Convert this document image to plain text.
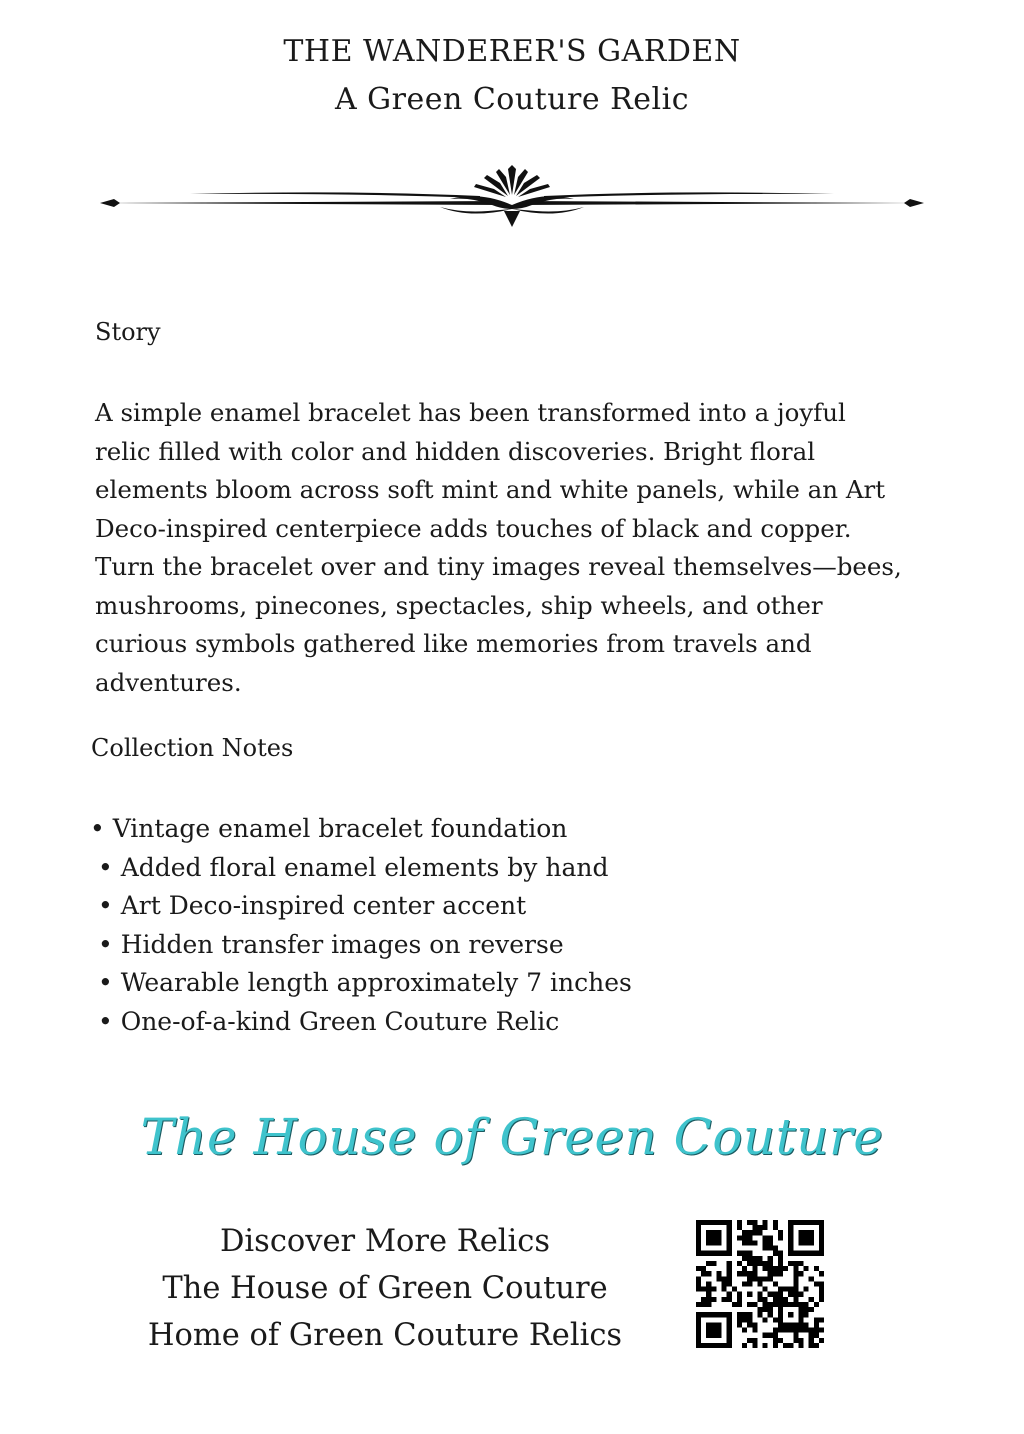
THE WANDERER'S GARDEN
A Green Couture Relic
Story

A simple enamel bracelet has been transformed into a joyful
relic filled with color and hidden discoveries. Bright floral
elements bloom across soft mint and white panels, while an Art
Deco-inspired centerpiece adds touches of black and copper.
Turn the bracelet over and tiny images reveal themselves—bees,
mushrooms, pinecones, spectacles, ship wheels, and other
curious symbols gathered like memories from travels and
adventures.

Collection Notes
• Vintage enamel bracelet foundation
• Added floral enamel elements by hand
• Art Deco-inspired center accent
• Hidden transfer images on reverse
• Wearable length approximately 7 inches
• One-of-a-kind Green Couture Relic
The House of Green Couture
Discover More Relics
The House of Green Couture
Home of Green Couture Relics
